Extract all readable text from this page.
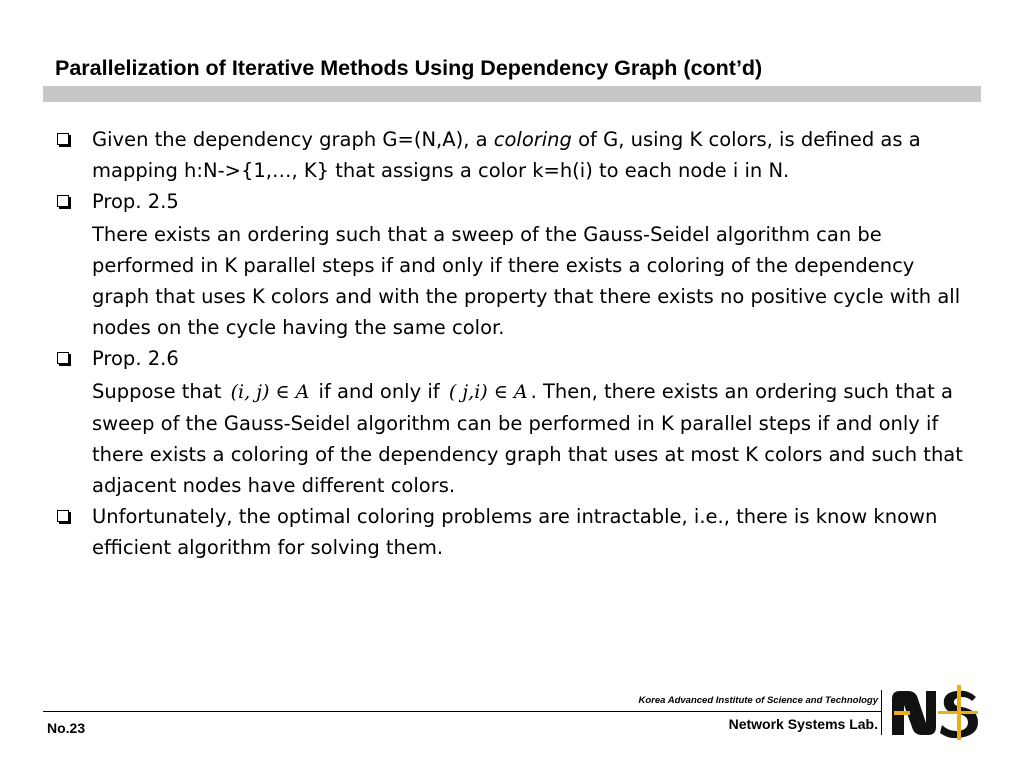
Parallelization of Iterative Methods Using Dependency Graph (cont’d)
Given the dependency graph G=(N,A), a coloring of G, using K colors, is defined as a mapping h:N->{1,…, K} that assigns a color k=h(i) to each node i in N.
Prop. 2.5
There exists an ordering such that a sweep of the Gauss-Seidel algorithm can be performed in K parallel steps if and only if there exists a coloring of the dependency graph that uses K colors and with the property that there exists no positive cycle with all nodes on the cycle having the same color.
Prop. 2.6
Suppose that (i, j) ∈ A if and only if ( j,i) ∈ A . Then, there exists an ordering such that a sweep of the Gauss-Seidel algorithm can be performed in K parallel steps if and only if there exists a coloring of the dependency graph that uses at most K colors and such that adjacent nodes have different colors.
Unfortunately, the optimal coloring problems are intractable, i.e., there is know known efficient algorithm for solving them.
No.23
Korea Advanced Institute of Science and Technology
Network Systems Lab.
